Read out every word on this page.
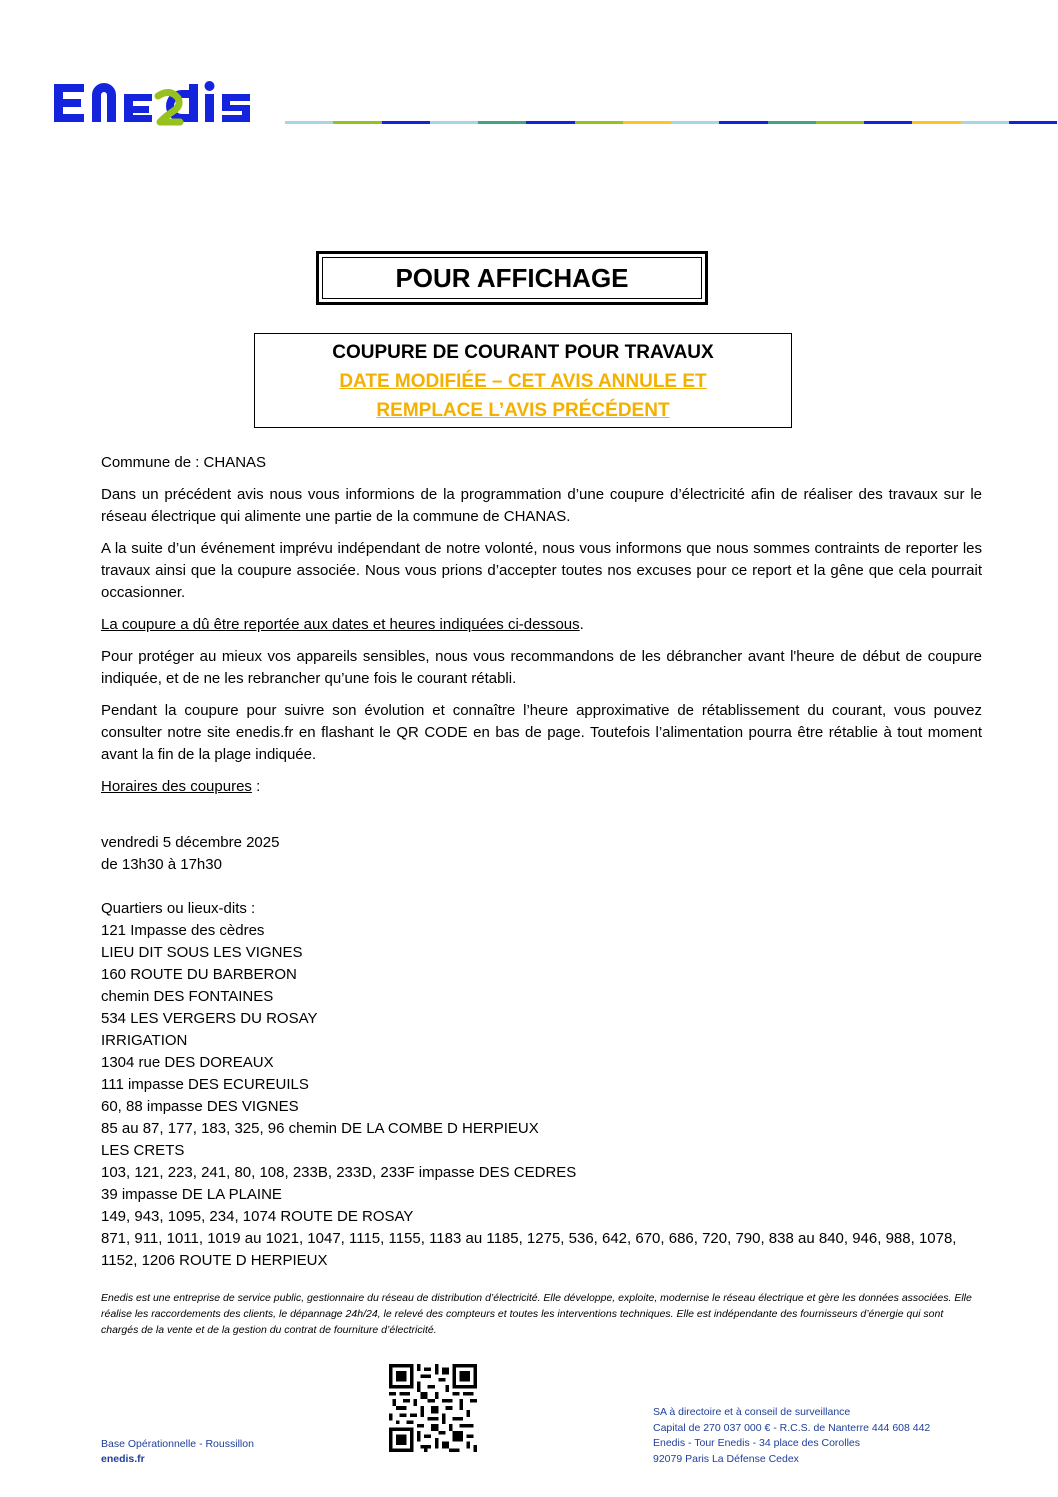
POUR AFFICHAGE
COUPURE DE COURANT POUR TRAVAUX
DATE MODIFIÉE – CET AVIS ANNULE ET
REMPLACE L’AVIS PRÉCÉDENT

Commune de : CHANAS

Dans un précédent avis nous vous informions de la programmation d’une coupure d’électricité afin de réaliser des travaux sur le réseau électrique qui alimente une partie de la commune de CHANAS.

A la suite d’un événement imprévu indépendant de notre volonté, nous vous informons que nous sommes contraints de reporter les travaux ainsi que la coupure associée. Nous vous prions d’accepter toutes nos excuses pour ce report et la gêne que cela pourrait occasionner.

La coupure a dû être reportée aux dates et heures indiquées ci-dessous.

Pour protéger au mieux vos appareils sensibles, nous vous recommandons de les débrancher avant l'heure de début de coupure indiquée, et de ne les rebrancher qu’une fois le courant rétabli.

Pendant la coupure pour suivre son évolution et connaître l’heure approximative de rétablissement du courant, vous pouvez consulter notre site enedis.fr en flashant le QR CODE en bas de page. Toutefois l’alimentation pourra être rétablie à tout moment avant la fin de la plage indiquée.

Horaires des coupures :

vendredi 5 décembre 2025
de 13h30 à 17h30
Quartiers ou lieux-dits :
121 Impasse des cèdres
LIEU DIT SOUS LES VIGNES
160 ROUTE DU BARBERON
chemin DES FONTAINES
534 LES VERGERS DU ROSAY
IRRIGATION
1304 rue DES DOREAUX
111 impasse DES ECUREUILS
60, 88 impasse DES VIGNES
85 au 87, 177, 183, 325, 96 chemin DE LA COMBE D HERPIEUX
LES CRETS
103, 121, 223, 241, 80, 108, 233B, 233D, 233F impasse DES CEDRES
39 impasse DE LA PLAINE
149, 943, 1095, 234, 1074 ROUTE DE ROSAY
871, 911, 1011, 1019 au 1021, 1047, 1115, 1155, 1183 au 1185, 1275, 536, 642, 670, 686, 720, 790, 838 au 840, 946, 988, 1078, 1152, 1206 ROUTE D HERPIEUX
Enedis est une entreprise de service public, gestionnaire du réseau de distribution d’électricité. Elle développe, exploite, modernise le réseau électrique et gère les données associées. Elle réalise les raccordements des clients, le dépannage 24h/24, le relevé des compteurs et toutes les interventions techniques. Elle est indépendante des fournisseurs d’énergie qui sont chargés de la vente et de la gestion du contrat de fourniture d’électricité.
Base Opérationnelle - Roussillon
enedis.fr
SA à directoire et à conseil de surveillance
Capital de 270 037 000 € - R.C.S. de Nanterre 444 608 442
Enedis - Tour Enedis - 34 place des Corolles
92079 Paris La Défense Cedex
